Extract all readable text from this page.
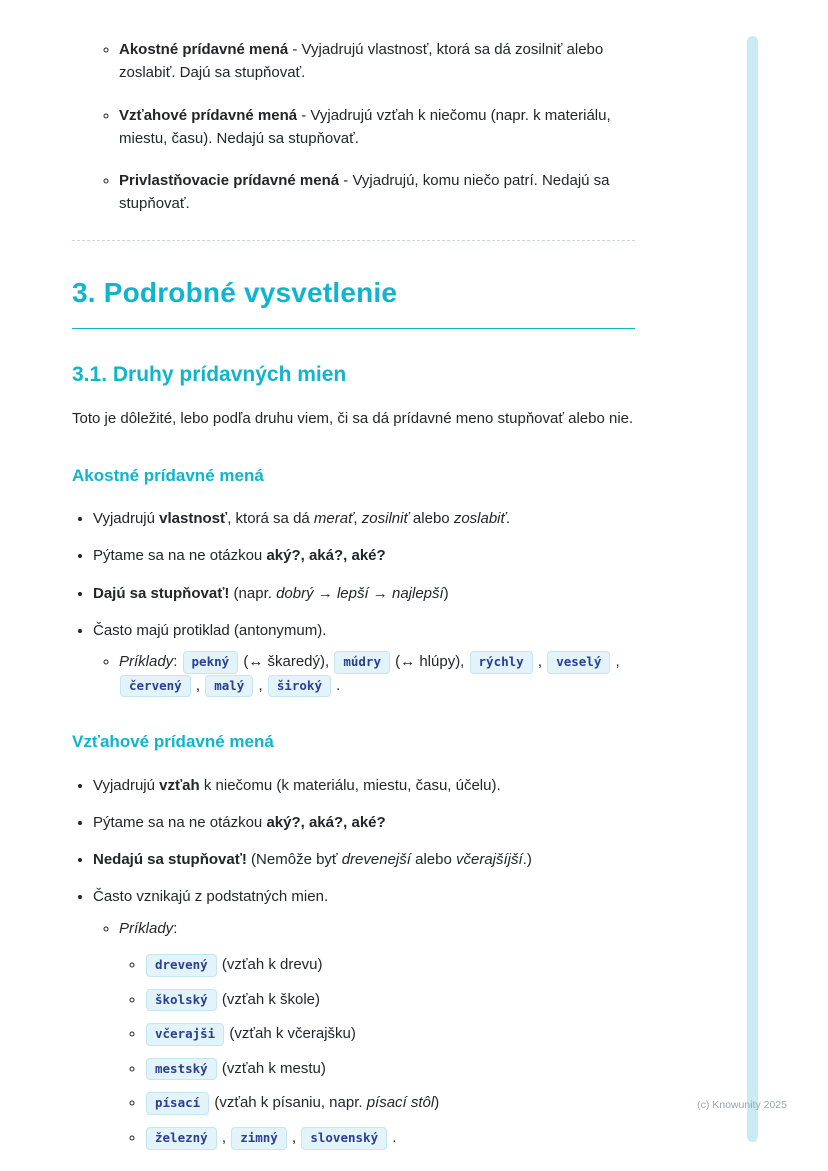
◦ Akostné prídavné mená - Vyjadrujú vlastnosť, ktorá sa dá zosilniť alebo zoslabiť. Dajú sa stupňovať.
◦ Vzťahové prídavné mená - Vyjadrujú vzťah k niečomu (napr. k materiálu, miestu, času). Nedajú sa stupňovať.
◦ Privlastňovacie prídavné mená - Vyjadrujú, komu niečo patrí. Nedajú sa stupňovať.
3. Podrobné vysvetlenie
3.1. Druhy prídavných mien

Toto je dôležité, lebo podľa druhu viem, či sa dá prídavné meno stupňovať alebo nie.

Akostné prídavné mená
• Vyjadrujú vlastnosť, ktorá sa dá merať, zosilniť alebo zoslabiť.
• Pýtame sa na ne otázkou aký?, aká?, aké?
• Dajú sa stupňovať! (napr. dobrý → lepší → najlepší)
• Často majú protiklad (antonymum).
◦ Príklady: pekný (↔ škaredý), múdry (↔ hlúpy), rýchly , veselý , červený , malý , široký .
Vzťahové prídavné mená
• Vyjadrujú vzťah k niečomu (k materiálu, miestu, času, účelu).
• Pýtame sa na ne otázkou aký?, aká?, aké?
• Nedajú sa stupňovať! (Nemôže byť drevenejší alebo včerajšíjší.)
• Často vznikajú z podstatných mien.
◦ Príklady:
◦ drevený (vzťah k drevu)
◦ školský (vzťah k škole)
◦ včerajši (vzťah k včerajšku)
◦ mestský (vzťah k mestu)
◦ písací (vzťah k písaniu, napr. písací stôl)
◦ železný , zimný , slovenský .
(c) Knowunity 2025
